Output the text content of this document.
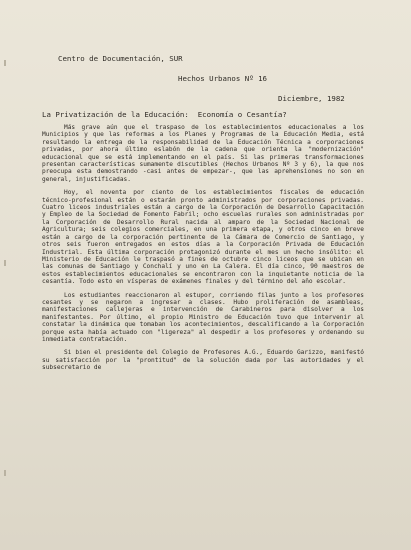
Centro de Documentación, SUR
Hechos Urbanos Nº 16
Diciembre, 1982
La Privatización de la Educación:  Economía o Cesantía?

Más grave aún que el traspaso de los establecimientos educacionales a los Municipios y que las reformas a los Planes y Programas de la Educación Media, está resultando la entrega de la responsabilidad de la Educación Técnica a corporaciones privadas, por ahora último eslabón de la cadena que orienta la "modernización" educacional que se está implementando en el país. Si las primeras transformaciones presentan características sumamente discutibles (Hechos Urbanos Nº 3 y 6), la que nos preocupa esta demostrando -casi antes de empezar-, que las aprehensiones no son en general, injustificadas.

Hoy, el noventa por ciento de los establecimientos fiscales de educación técnico-profesional están o estarán pronto administrados por corporaciones privadas. Cuatro liceos industriales están a cargo de la Corporación de Desarrollo Capacitación y Empleo de la Sociedad de Fomento Fabril; ocho escuelas rurales son administradas por la Corporación de Desarrollo Rural nacida al amparo de la Sociedad Nacional de Agricultura; seis colegios comerciales, en una primera etapa, y otros cinco en breve están a cargo de la corporación pertinente de la Cámara de Comercio de Santiago, y otros seis fueron entregados en estos días a la Corporación Privada de Educación Industrial. Esta última corporación protagonizó durante el mes un hecho insólito: el Ministerio de Educación le traspasó a fines de octubre cinco liceos que se ubican en las comunas de Santiago y Conchalí y uno en La Calera. El día cinco, 90 maestros de estos establecimientos educacionales se encontraron con la inquietante noticia de la cesantía. Todo esto en vísperas de exámenes finales y del término del año escolar.

Los estudiantes reaccionaron al estupor, corriendo filas junto a los profesores cesantes y se negaron a ingresar a clases. Hubo proliferación de asambleas, manifestaciones callejeras e intervención de Carabineros para disolver a los manifestantes. Por último, el propio Ministro de Educación tuvo que intervenir al constatar la dinámica que tomaban los acontecimientos, descalificando a la Corporación porque esta había actuado con "ligereza" al despedir a los profesores y ordenando su inmediata contratación.

Si bien el presidente del Colegio de Profesores A.G., Eduardo Garizzo, manifestó su satisfacción por la "prontitud" de la solución dada por las autoridades y el subsecretario de
